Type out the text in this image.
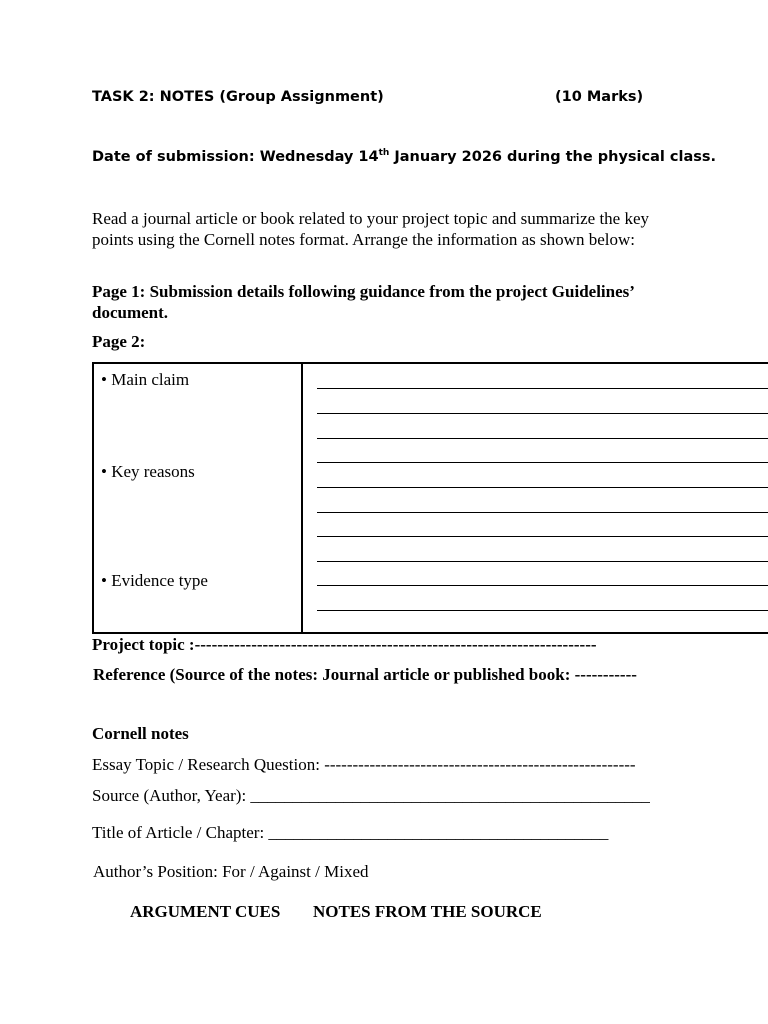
TASK 2: NOTES (Group Assignment)	(10 Marks)
Date of submission: Wednesday 14th January 2026 during the physical class.
Read a journal article or book related to your project topic and summarize the key points using the Cornell notes format. Arrange the information as shown below:
Page 1: Submission details following guidance from the project Guidelines’ document.
Page 2:
• Main claim
• Key reasons
• Evidence type
Project topic :-----------------------------------------------------------------------
Reference (Source of the notes: Journal article or published book: -----------
Cornell notes
Essay Topic / Research Question: -------------------------------------------------------
Source (Author, Year): _______________________________________________
Title of Article / Chapter: ________________________________________
Author’s Position: For / Against / Mixed
ARGUMENT CUES NOTES FROM THE SOURCE
